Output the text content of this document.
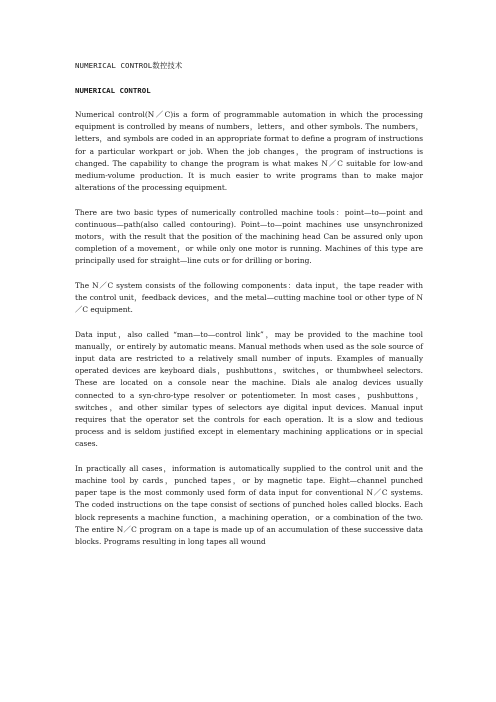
NUMERICAL CONTROL数控技术
NUMERICAL CONTROL

Numerical control(N／C)is a form of programmable automation in which the processing equipment is controlled by means of numbers，letters，and other symbols. The numbers，letters，and symbols are coded in an appropriate format to define a program of instructions for a particular workpart or job. When the job changes，the program of instructions is changed. The capability to change the program is what makes N／C suitable for low-and medium-volume production. It is much easier to write programs than to make major alterations of the processing equipment.

There are two basic types of numerically controlled machine tools：point—to—point and continuous—path(also called contouring). Point—to—point machines use unsynchronized motors，with the result that the position of the machining head Can be assured only upon completion of a movement，or while only one motor is running. Machines of this type are principally used for straight—line cuts or for drilling or boring.

The N／C system consists of the following components：data input，the tape reader with the control unit，feedback devices，and the metal—cutting machine tool or other type of N／C equipment.

Data input，also called “man—to—control link”，may be provided to the machine tool manually，or entirely by automatic means. Manual methods when used as the sole source of input data are restricted to a relatively small number of inputs. Examples of manually operated devices are keyboard dials，pushbuttons，switches，or thumbwheel selectors. These are located on a console near the machine. Dials ale analog devices usually connected to a syn-chro-type resolver or potentiometer. In most cases，pushbuttons，switches，and other similar types of selectors aye digital input devices. Manual input requires that the operator set the controls for each operation. It is a slow and tedious process and is seldom justified except in elementary machining applications or in special cases.

In practically all cases，information is automatically supplied to the control unit and the machine tool by cards，punched tapes，or by magnetic tape. Eight—channel punched paper tape is the most commonly used form of data input for conventional N／C systems. The coded instructions on the tape consist of sections of punched holes called blocks. Each block represents a machine function，a machining operation，or a combination of the two. The entire N／C program on a tape is made up of an accumulation of these successive data blocks. Programs resulting in long tapes all wound
